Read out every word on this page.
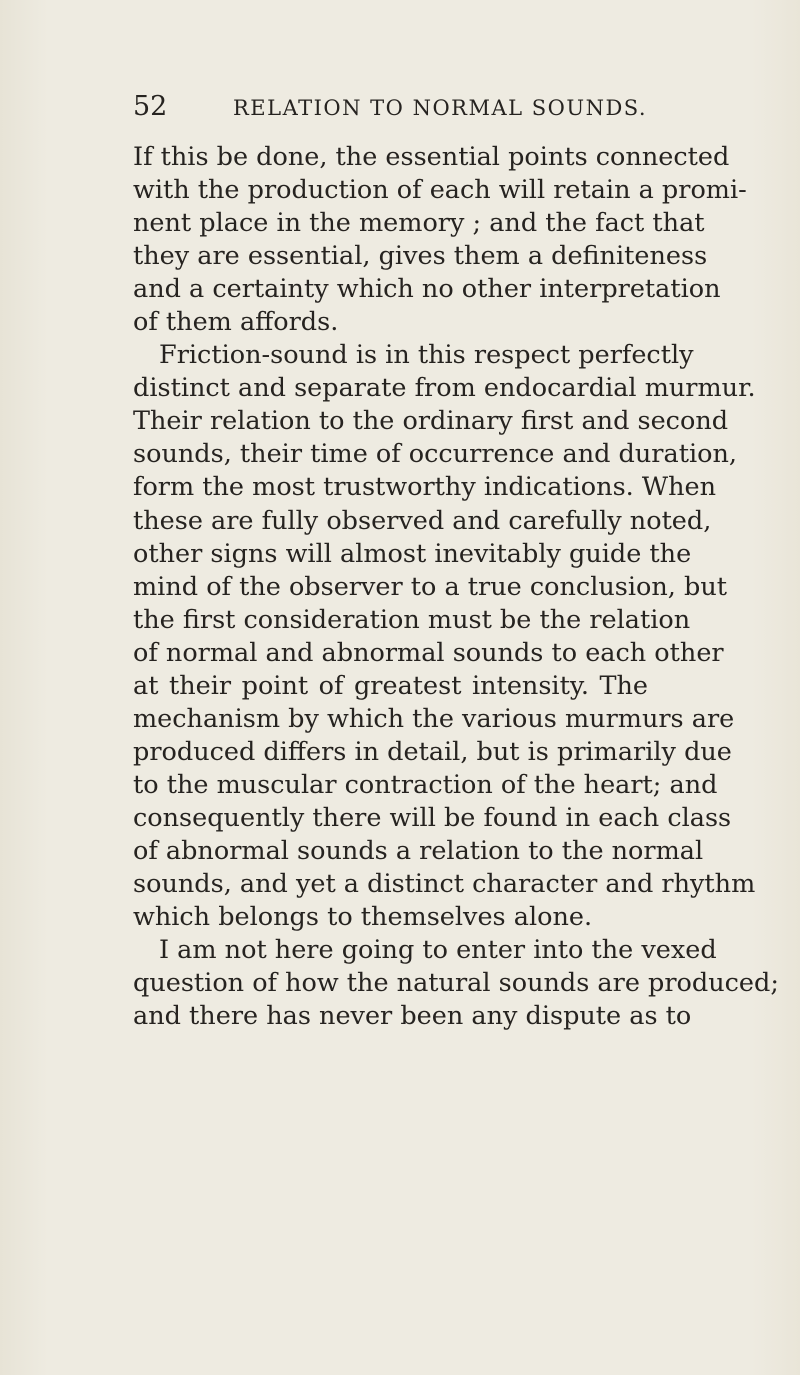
52	RELATION TO NORMAL SOUNDS.
If this be done, the essential points connected
with the production of each will retain a promi-
nent place in the memory ; and the fact that
they are essential, gives them a definiteness
and a certainty which no other interpretation
of them affords.
Friction-sound is in this respect perfectly
distinct and separate from endocardial murmur.
Their relation to the ordinary first and second
sounds, their time of occurrence and duration,
form the most trustworthy indications. When
these are fully observed and carefully noted,
other signs will almost inevitably guide the
mind of the observer to a true conclusion, but
the first consideration must be the relation
of normal and abnormal sounds to each other
at their point of greatest intensity. The
mechanism by which the various murmurs are
produced differs in detail, but is primarily due
to the muscular contraction of the heart; and
consequently there will be found in each class
of abnormal sounds a relation to the normal
sounds, and yet a distinct character and rhythm
which belongs to themselves alone.
I am not here going to enter into the vexed
question of how the natural sounds are produced;
and there has never been any dispute as to
